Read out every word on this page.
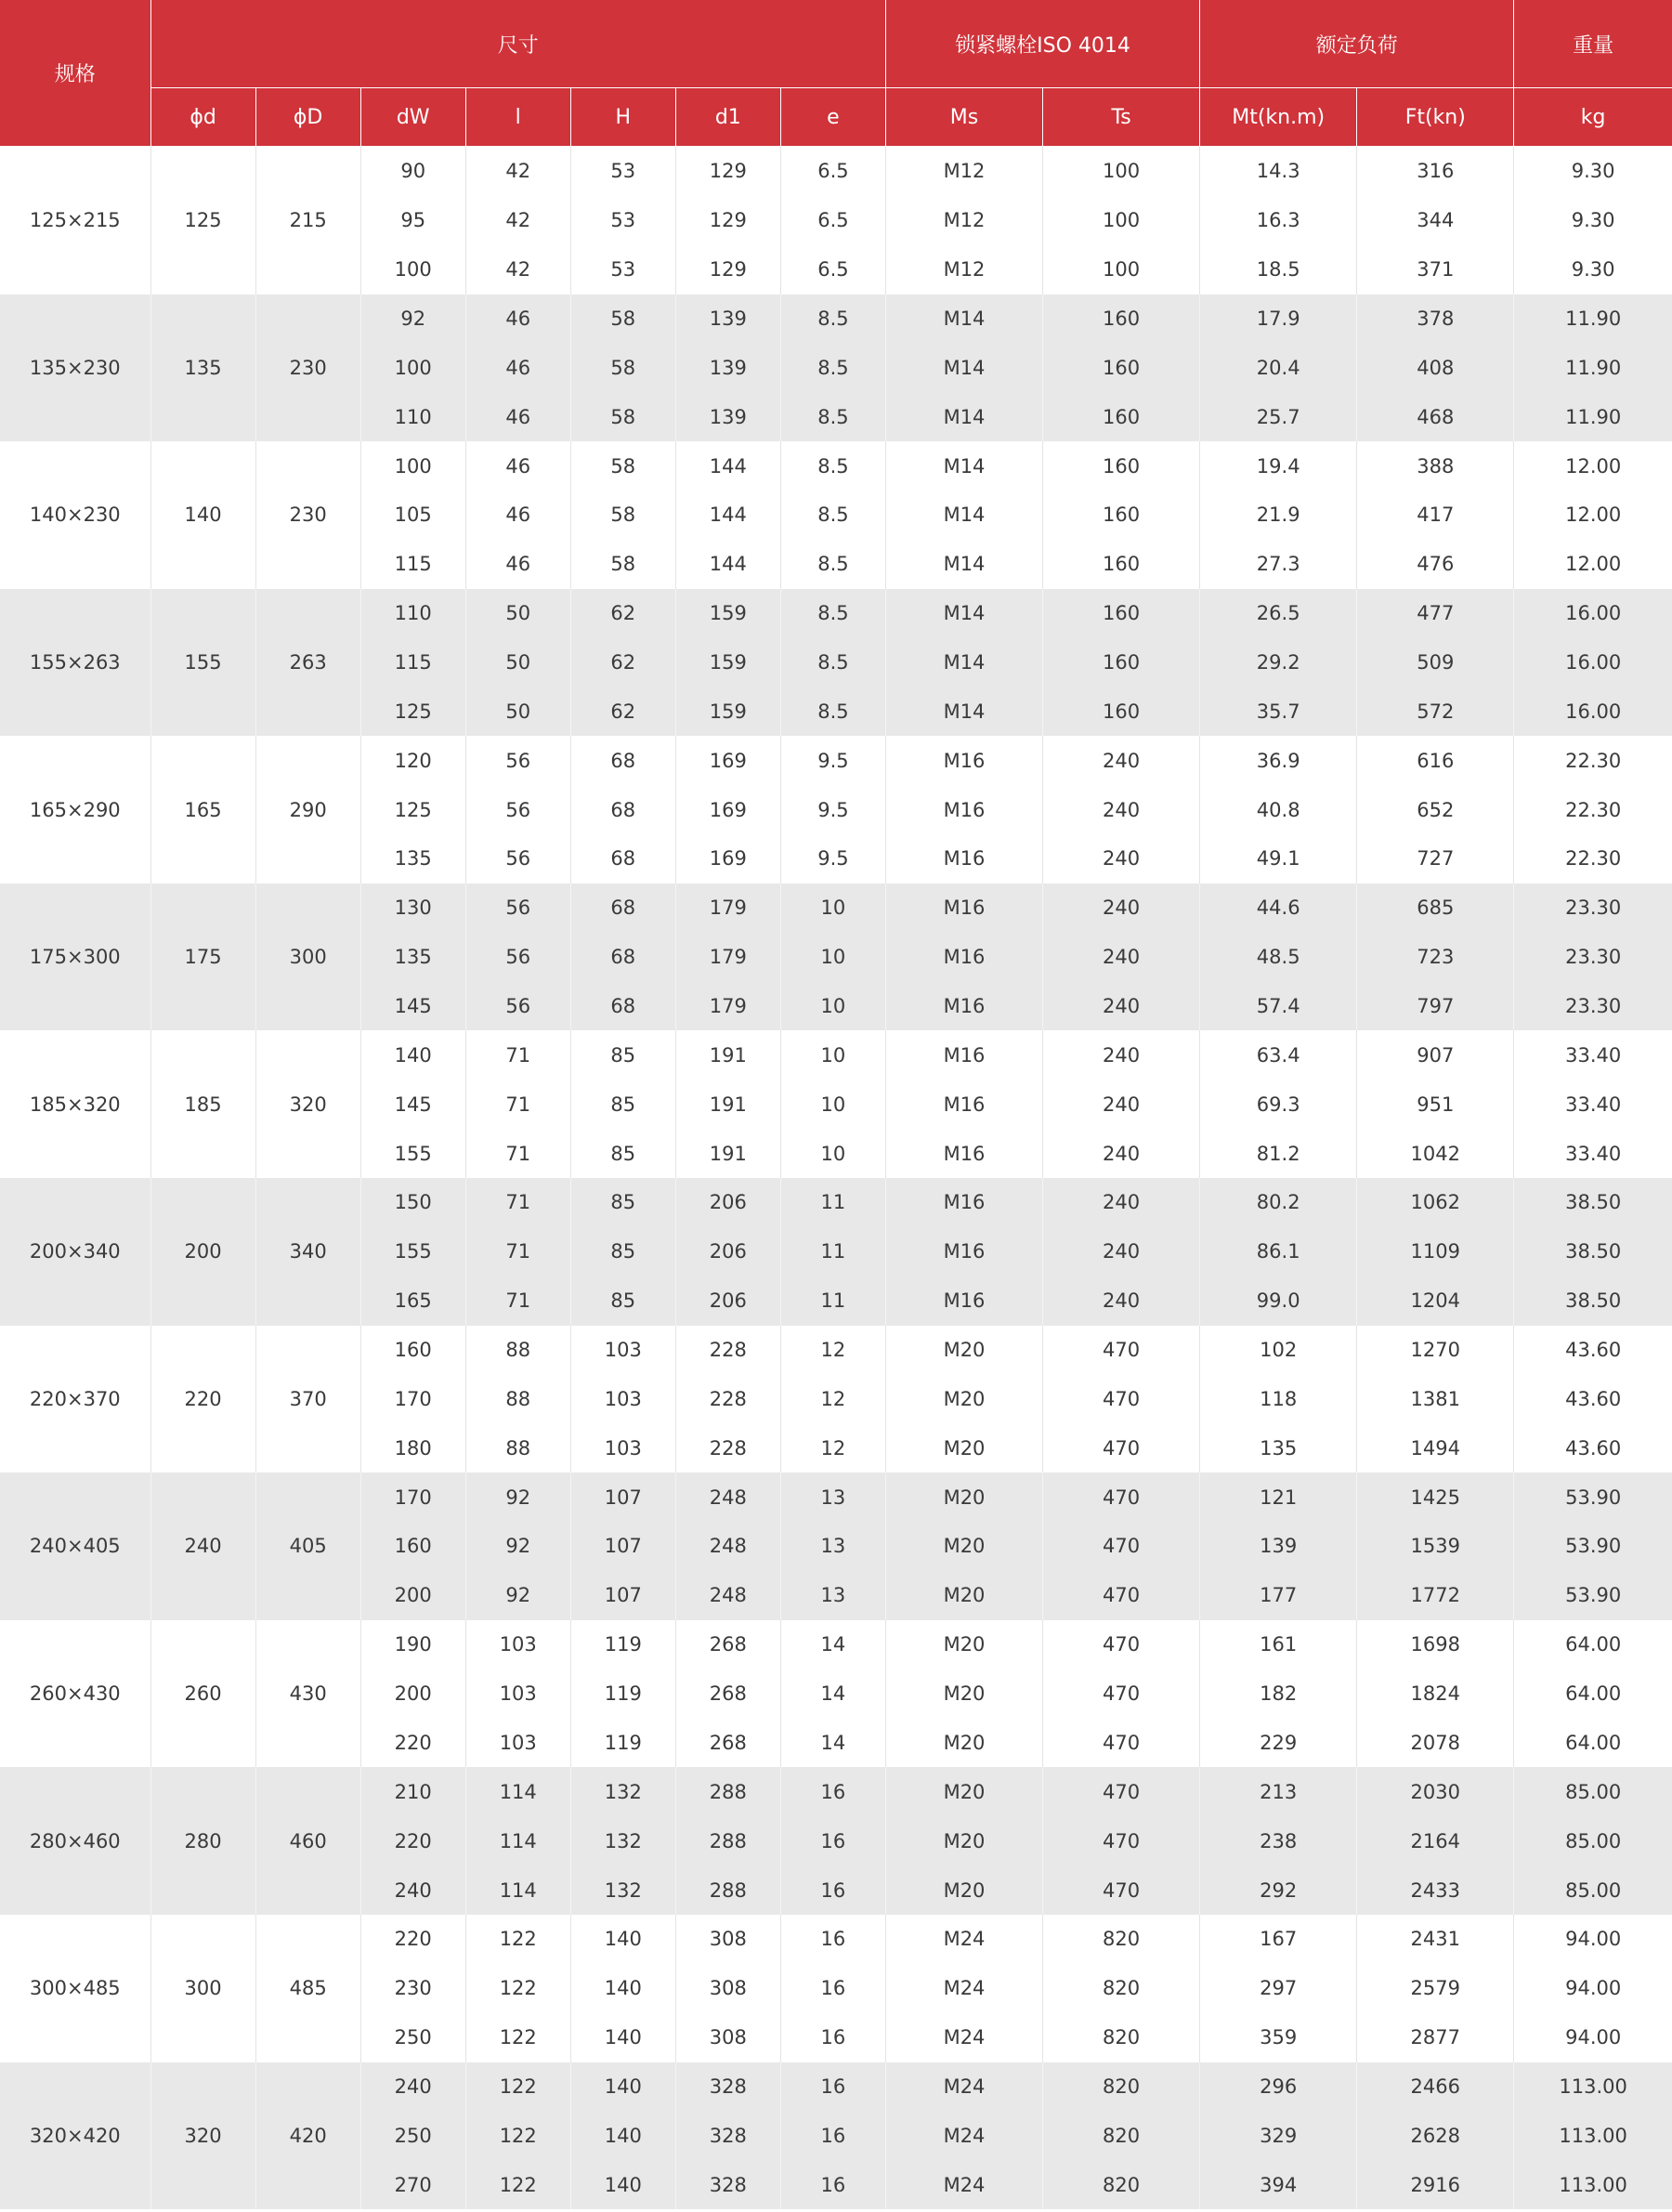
规格	尺寸							锁紧螺栓ISO 4014		额定负荷		重量
	ϕd	ϕD	dW	l	H	d1	e	Ms	Ts	Mt(kn.m)	Ft(kn)	kg
125×215	125	215	90	42	53	129	6.5	M12	100	14.3	316	9.30
			95	42	53	129	6.5	M12	100	16.3	344	9.30
			100	42	53	129	6.5	M12	100	18.5	371	9.30
135×230	135	230	92	46	58	139	8.5	M14	160	17.9	378	11.90
			100	46	58	139	8.5	M14	160	20.4	408	11.90
			110	46	58	139	8.5	M14	160	25.7	468	11.90
140×230	140	230	100	46	58	144	8.5	M14	160	19.4	388	12.00
			105	46	58	144	8.5	M14	160	21.9	417	12.00
			115	46	58	144	8.5	M14	160	27.3	476	12.00
155×263	155	263	110	50	62	159	8.5	M14	160	26.5	477	16.00
			115	50	62	159	8.5	M14	160	29.2	509	16.00
			125	50	62	159	8.5	M14	160	35.7	572	16.00
165×290	165	290	120	56	68	169	9.5	M16	240	36.9	616	22.30
			125	56	68	169	9.5	M16	240	40.8	652	22.30
			135	56	68	169	9.5	M16	240	49.1	727	22.30
175×300	175	300	130	56	68	179	10	M16	240	44.6	685	23.30
			135	56	68	179	10	M16	240	48.5	723	23.30
			145	56	68	179	10	M16	240	57.4	797	23.30
185×320	185	320	140	71	85	191	10	M16	240	63.4	907	33.40
			145	71	85	191	10	M16	240	69.3	951	33.40
			155	71	85	191	10	M16	240	81.2	1042	33.40
200×340	200	340	150	71	85	206	11	M16	240	80.2	1062	38.50
			155	71	85	206	11	M16	240	86.1	1109	38.50
			165	71	85	206	11	M16	240	99.0	1204	38.50
220×370	220	370	160	88	103	228	12	M20	470	102	1270	43.60
			170	88	103	228	12	M20	470	118	1381	43.60
			180	88	103	228	12	M20	470	135	1494	43.60
240×405	240	405	170	92	107	248	13	M20	470	121	1425	53.90
			160	92	107	248	13	M20	470	139	1539	53.90
			200	92	107	248	13	M20	470	177	1772	53.90
260×430	260	430	190	103	119	268	14	M20	470	161	1698	64.00
			200	103	119	268	14	M20	470	182	1824	64.00
			220	103	119	268	14	M20	470	229	2078	64.00
280×460	280	460	210	114	132	288	16	M20	470	213	2030	85.00
			220	114	132	288	16	M20	470	238	2164	85.00
			240	114	132	288	16	M20	470	292	2433	85.00
300×485	300	485	220	122	140	308	16	M24	820	167	2431	94.00
			230	122	140	308	16	M24	820	297	2579	94.00
			250	122	140	308	16	M24	820	359	2877	94.00
320×420	320	420	240	122	140	328	16	M24	820	296	2466	113.00
			250	122	140	328	16	M24	820	329	2628	113.00
			270	122	140	328	16	M24	820	394	2916	113.00
